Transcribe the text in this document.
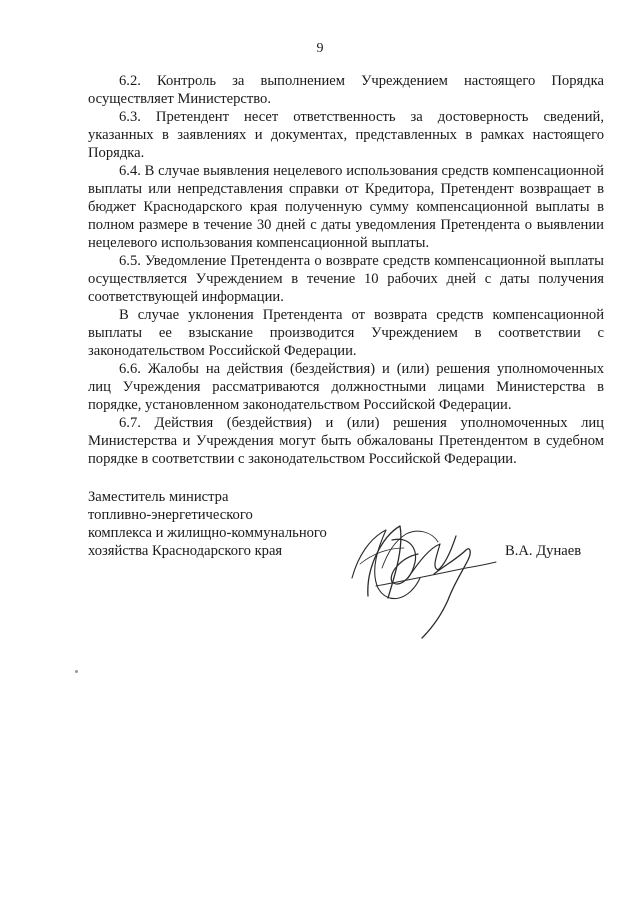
9

6.2. Контроль за выполнением Учреждением настоящего Порядка осуществляет Министерство.

6.3. Претендент несет ответственность за достоверность сведений, указанных в заявлениях и документах, представленных в рамках настоящего Порядка.

6.4. В случае выявления нецелевого использования средств компенсационной выплаты или непредставления справки от Кредитора, Претендент возвращает в бюджет Краснодарского края полученную сумму компенсационной выплаты в полном размере в течение 30 дней с даты уведомления Претендента о выявлении нецелевого использования компенсационной выплаты.

6.5. Уведомление Претендента о возврате средств компенсационной выплаты осуществляется Учреждением в течение 10 рабочих дней с даты получения соответствующей информации.

В случае уклонения Претендента от возврата средств компенсационной выплаты ее взыскание производится Учреждением в соответствии с законодательством Российской Федерации.

6.6. Жалобы на действия (бездействия) и (или) решения уполномоченных лиц Учреждения рассматриваются должностными лицами Министерства в порядке, установленном законодательством Российской Федерации.

6.7. Действия (бездействия) и (или) решения уполномоченных лиц Министерства и Учреждения могут быть обжалованы Претендентом в судебном порядке в соответствии с законодательством Российской Федерации.

Заместитель министра
топливно-энергетического
комплекса и жилищно-коммунального
хозяйства Краснодарского края	В.А. Дунаев
